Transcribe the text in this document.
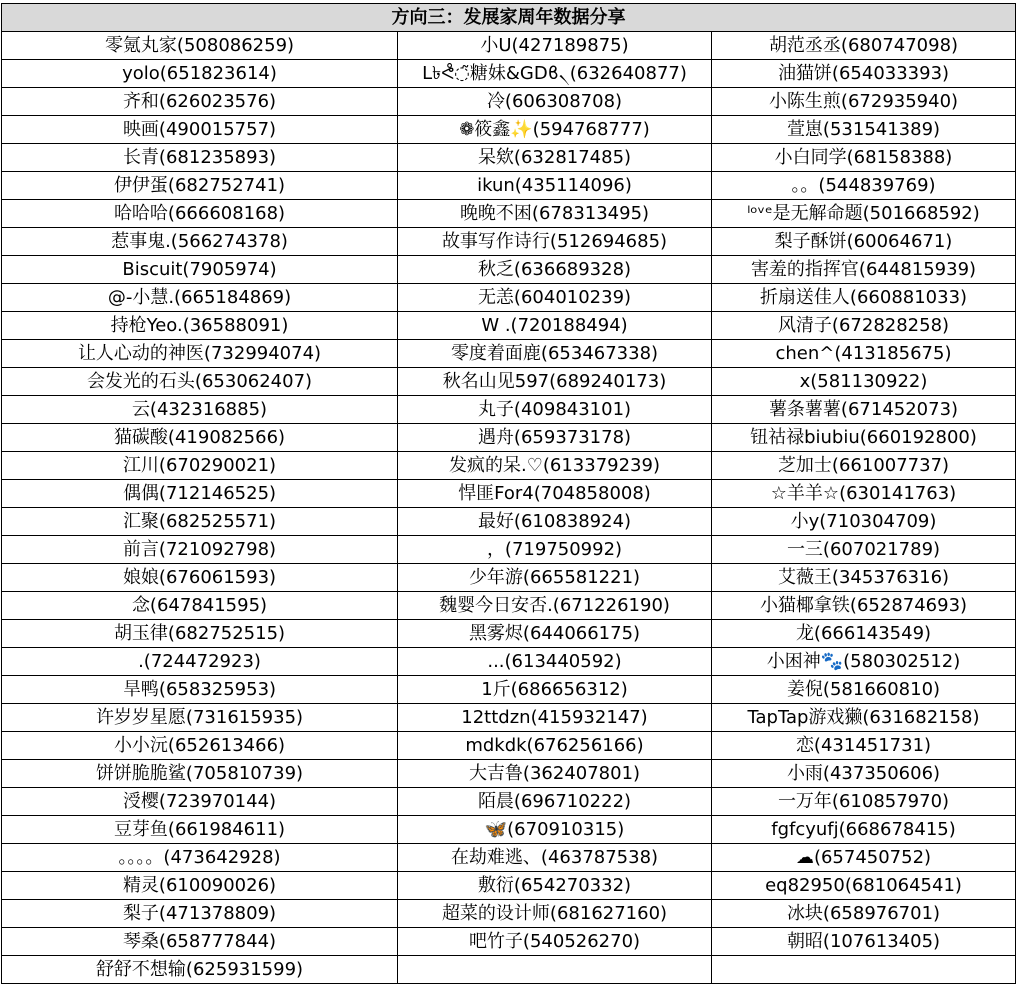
方向三：发展家周年数据分享		
零氪丸家(508086259)	小U(427189875)	胡范丞丞(680747098)
yolo(651823614)	L৳ᕙ̊◌͂糖妹&GDϐ৲(632640877)	油猫饼(654033393)
齐和(626023576)	冷(606308708)	小陈生煎(672935940)
映画(490015757)	❁筱鑫✨(594768777)	萱崽(531541389)
长青(681235893)	呆欸(632817485)	小白同学(68158388)
伊伊蛋(682752741)	ikun(435114096)	。。(544839769)
哈哈哈(666608168)	晚晚不困(678313495)	ˡᵒᵛᵉ是无解命题(501668592)
惹事鬼.(566274378)	故事写作诗行(512694685)	梨子酥饼(60064671)
Biscuit(7905974)	秋乏(636689328)	害羞的指挥官(644815939)
@-小慧.(665184869)	无恙(604010239)	折扇送佳人(660881033)
持枪Yeo.(36588091)	W .(720188494)	风清子(672828258)
让人心动的神医(732994074)	零度着面鹿(653467338)	chen^(413185675)
会发光的石头(653062407)	秋名山见597(689240173)	x(581130922)
云(432316885)	丸子(409843101)	薯条薯薯(671452073)
猫碳酸(419082566)	遇舟(659373178)	钮祜禄biubiu(660192800)
江川(670290021)	发疯的呆.♡(613379239)	芝加士(661007737)
偶偶(712146525)	悍匪For4(704858008)	☆羊羊☆(630141763)
汇聚(682525571)	最好(610838924)	小y(710304709)
前言(721092798)	，(719750992)	一三(607021789)
娘娘(676061593)	少年游(665581221)	艾薇王(345376316)
念(647841595)	魏婴今日安否.(671226190)	小猫椰拿铁(652874693)
胡玉律(682752515)	黑雾烬(644066175)	龙(666143549)
.(724472923)	...(613440592)	小困神🐾(580302512)
旱鸭(658325953)	1斤(686656312)	姜倪(581660810)
许岁岁星愿(731615935)	12ttdzn(415932147)	TapTap游戏獭(631682158)
小小沅(652613466)	mdkdk(676256166)	恋(431451731)
饼饼脆脆鲨(705810739)	大吉鲁(362407801)	小雨(437350606)
涭樱(723970144)	陌晨(696710222)	一万年(610857970)
豆芽鱼(661984611)	🦋(670910315)	fgfcyufj(668678415)
。。。。(473642928)	在劫难逃、(463787538)	☁(657450752)
精灵(610090026)	敷衍(654270332)	eq82950(681064541)
梨子(471378809)	超菜的设计师(681627160)	冰块(658976701)
琴桑(658777844)	吧竹子(540526270)	朝昭(107613405)
舒舒不想输(625931599)		
